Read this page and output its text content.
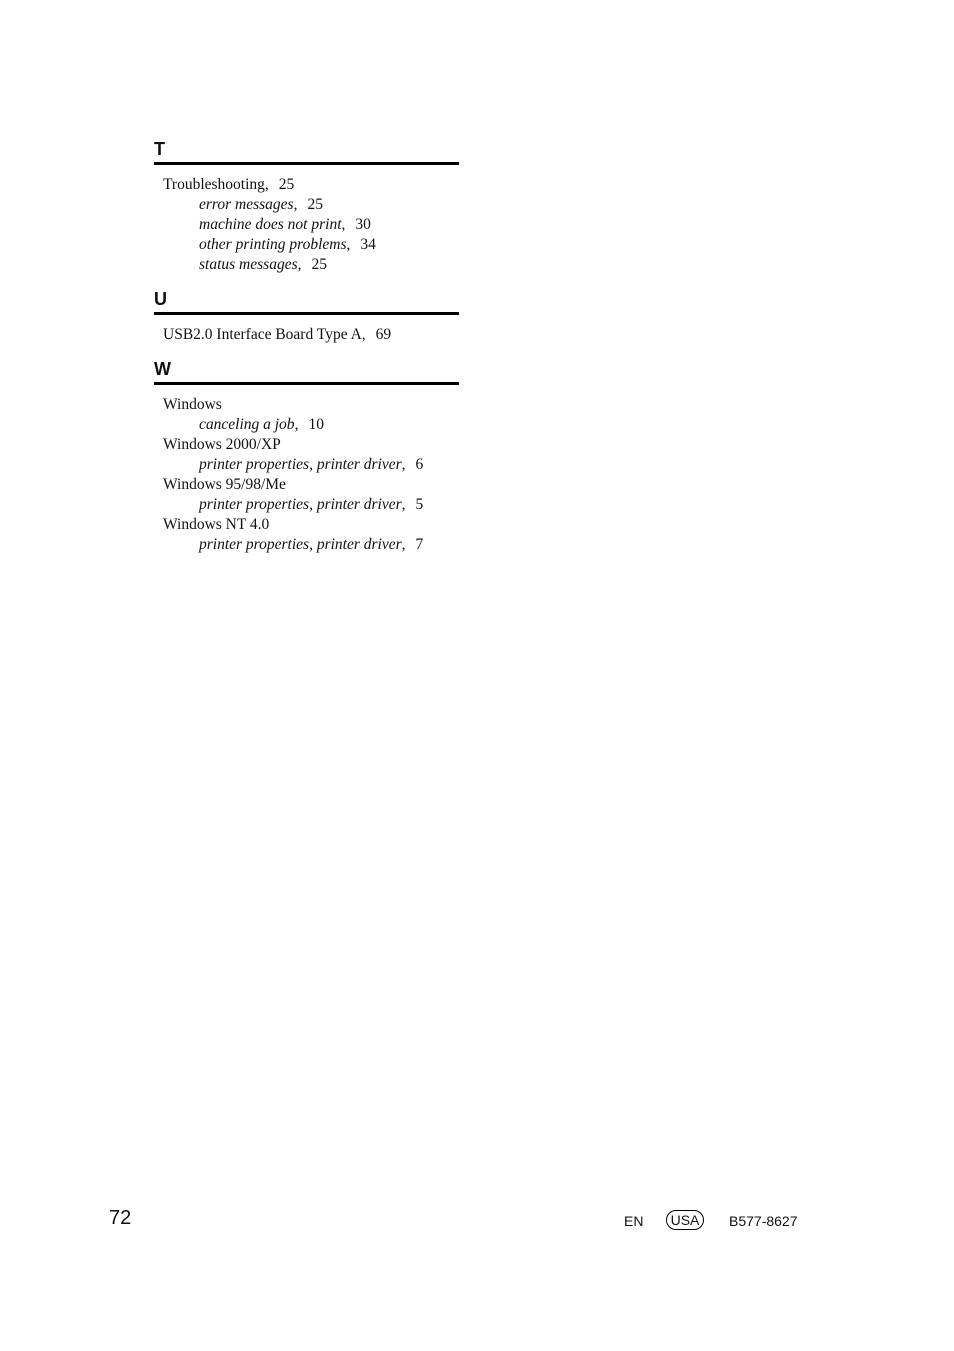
T
Troubleshooting, 25
error messages, 25
machine does not print, 30
other printing problems, 34
status messages, 25
U
USB2.0 Interface Board Type A, 69
W
Windows
canceling a job, 10
Windows 2000/XP
printer properties, printer driver, 6
Windows 95/98/Me
printer properties, printer driver, 5
Windows NT 4.0
printer properties, printer driver, 7
72	EN	USA	B577-8627
